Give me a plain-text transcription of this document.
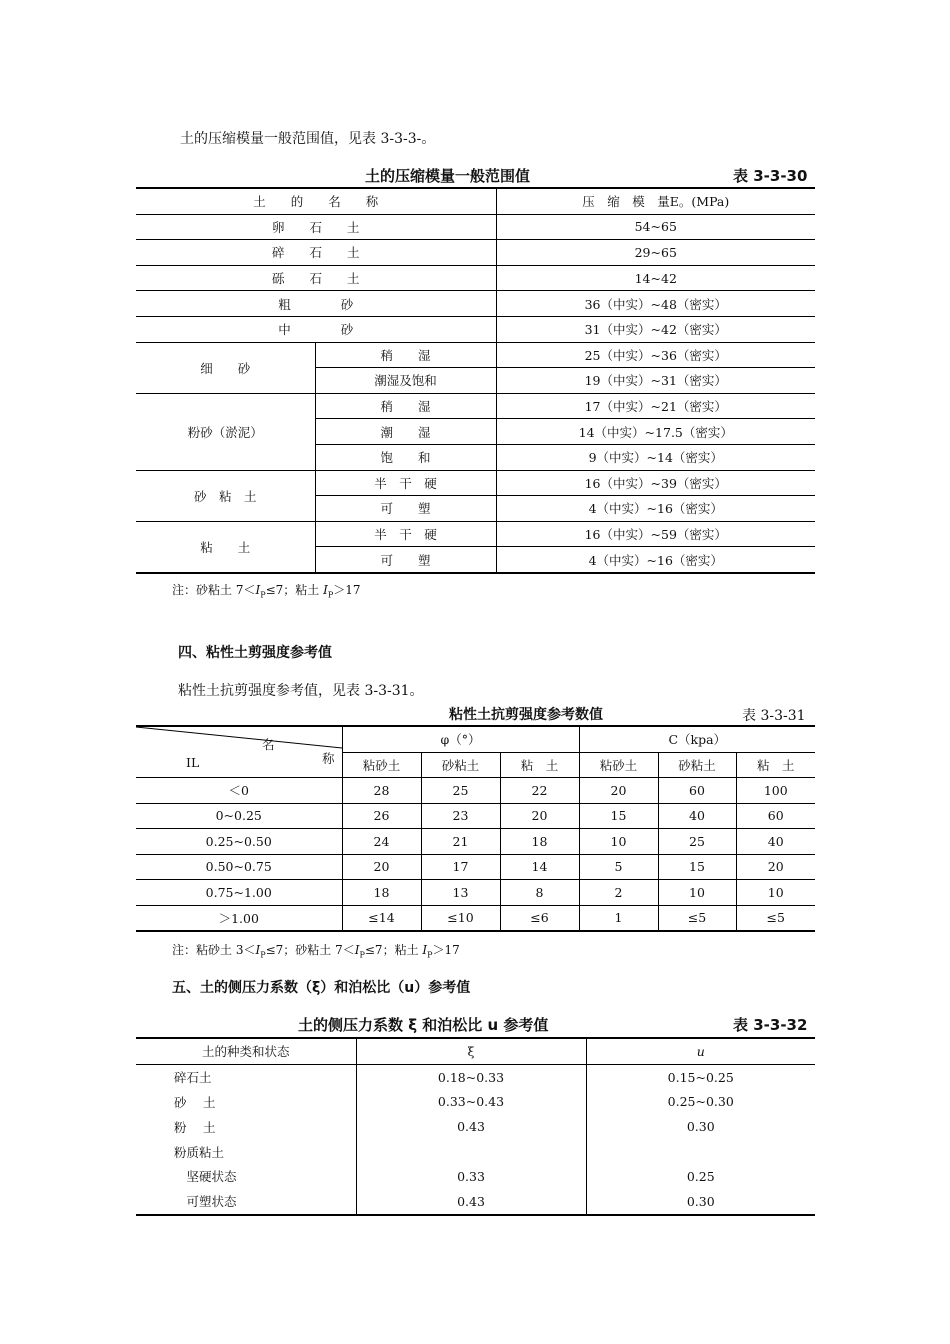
土的压缩模量一般范围值，见表 3-3-3-。
土的压缩模量一般范围值	表 3-3-30
土　　的　　名　　称		压　缩　模　量E。(MPa)
卵　　石　　土		54~65
碎　　石　　土		29~65
砾　　石　　土		14~42
粗　　　　砂		36（中实）~48（密实）
中　　　　砂		31（中实）~42（密实）
细　　砂	稍　　湿	25（中实）~36（密实）
	潮湿及饱和	19（中实）~31（密实）
粉砂（淤泥）	稍　　湿	17（中实）~21（密实）
	潮　　湿	14（中实）~17.5（密实）
	饱　　和	9（中实）~14（密实）
砂　粘　土	半　干　硬	16（中实）~39（密实）
	可　　塑	4（中实）~16（密实）
粘　　土	半　干　硬	16（中实）~59（密实）
	可　　塑	4（中实）~16（密实）
注：砂粘土 $7<I_P\le 7$；粘土 $I_P>17$
四、粘性土剪强度参考值
粘性土抗剪强度参考值，见表 3-3-31。
粘性土抗剪强度参考数值	表 3-3-31
名
称
IL	φ（°）			C（kpa）		
	粘砂土	砂粘土	粘　土	粘砂土	砂粘土	粘　土
＜0	28	25	22	20	60	100
0~0.25	26	23	20	15	40	60
0.25~0.50	24	21	18	10	25	40
0.50~0.75	20	17	14	5	15	20
0.75~1.00	18	13	8	2	10	10
＞1.00	≤14	≤10	≤6	1	≤5	≤5
注：粘砂土 $3<I_P\le 7$；砂粘土 $7<I_P\le 7$；粘土 $I_P>17$
五、土的侧压力系数（ξ）和泊松比（u）参考值
土的侧压力系数 ξ 和泊松比 u 参考值	表 3-3-32
土的种类和状态	ξ	u
碎石土	0.18~0.33	0.15~0.25
砂　 土	0.33~0.43	0.25~0.30
粉　 土	0.43	0.30
粉质粘土		
　坚硬状态	0.33	0.25
　可塑状态	0.43	0.30
